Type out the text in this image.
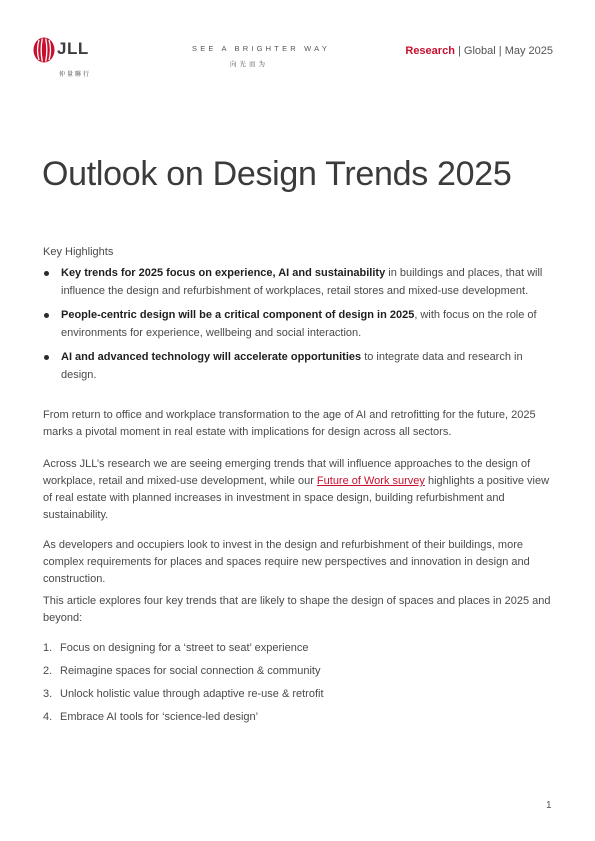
JLL
仲量聯行
SEE A BRIGHTER WAY
向光而为
Research | Global | May 2025
Outlook on Design Trends 2025
Key Highlights
Key trends for 2025 focus on experience, AI and sustainability in buildings and places, that will influence the design and refurbishment of workplaces, retail stores and mixed-use development.
People-centric design will be a critical component of design in 2025, with focus on the role of environments for experience, wellbeing and social interaction.
AI and advanced technology will accelerate opportunities to integrate data and research in design.

From return to office and workplace transformation to the age of AI and retrofitting for the future, 2025 marks a pivotal moment in real estate with implications for design across all sectors.

Across JLL’s research we are seeing emerging trends that will influence approaches to the design of workplace, retail and mixed-use development, while our Future of Work survey highlights a positive view of real estate with planned increases in investment in space design, building refurbishment and sustainability.

As developers and occupiers look to invest in the design and refurbishment of their buildings, more complex requirements for places and spaces require new perspectives and innovation in design and construction.

This article explores four key trends that are likely to shape the design of spaces and places in 2025 and beyond:

1. Focus on designing for a ‘street to seat’ experience
2. Reimagine spaces for social connection & community
3. Unlock holistic value through adaptive re-use & retrofit
4. Embrace AI tools for ‘science-led design’
1
